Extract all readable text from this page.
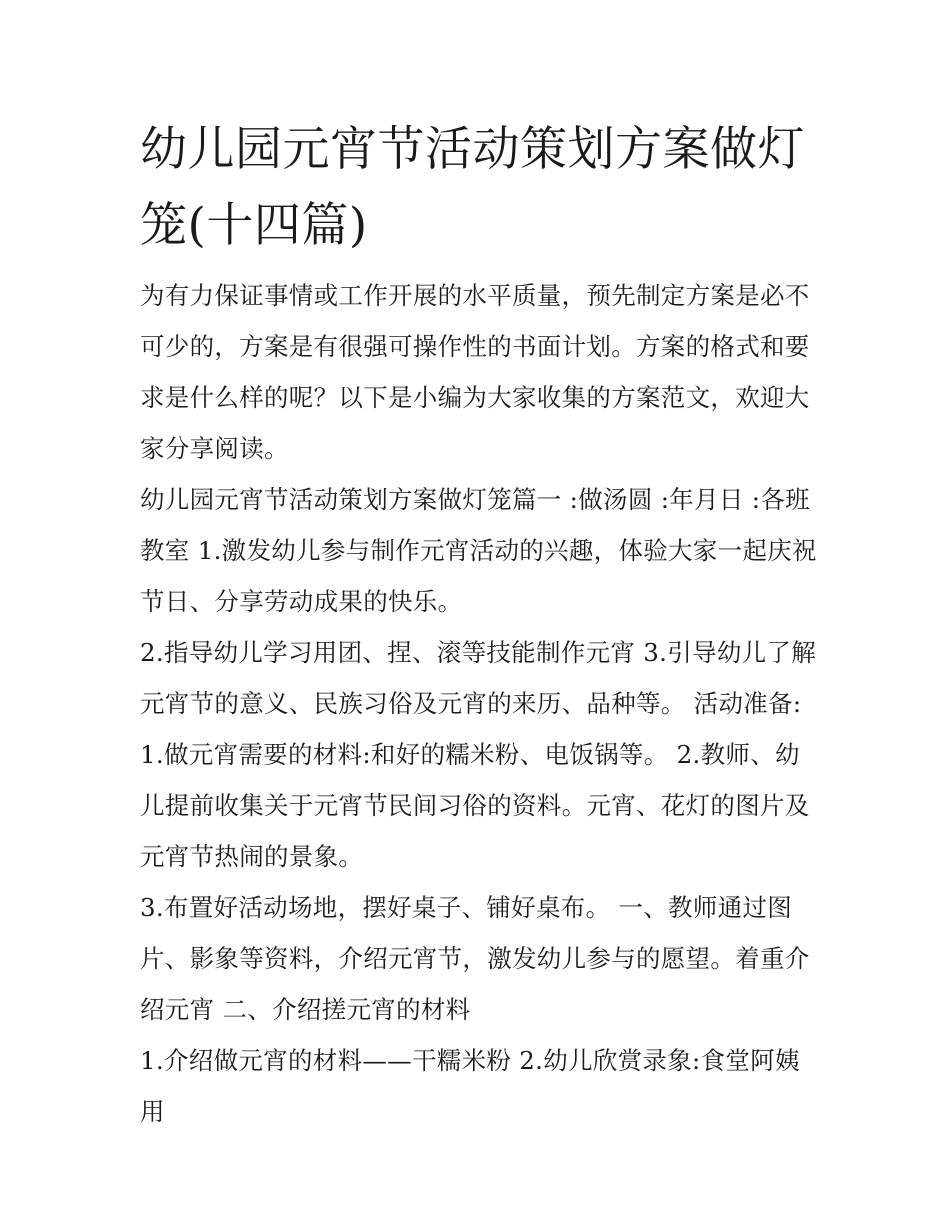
幼儿园元宵节活动策划方案做灯笼(十四篇)

为有力保证事情或工作开展的水平质量，预先制定方案是必不可少的，方案是有很强可操作性的书面计划。方案的格式和要求是什么样的呢？以下是小编为大家收集的方案范文，欢迎大家分享阅读。

幼儿园元宵节活动策划方案做灯笼篇一 :做汤圆 :年月日 :各班教室 1.激发幼儿参与制作元宵活动的兴趣，体验大家一起庆祝节日、分享劳动成果的快乐。

2.指导幼儿学习用团、捏、滚等技能制作元宵 3.引导幼儿了解元宵节的意义、民族习俗及元宵的来历、品种等。 活动准备: 1.做元宵需要的材料:和好的糯米粉、电饭锅等。 2.教师、幼儿提前收集关于元宵节民间习俗的资料。元宵、花灯的图片及元宵节热闹的景象。

3.布置好活动场地，摆好桌子、铺好桌布。 一、教师通过图片、影象等资料，介绍元宵节，激发幼儿参与的愿望。着重介绍元宵 二、介绍搓元宵的材料

1.介绍做元宵的材料——干糯米粉 2.幼儿欣赏录象:食堂阿姨用
